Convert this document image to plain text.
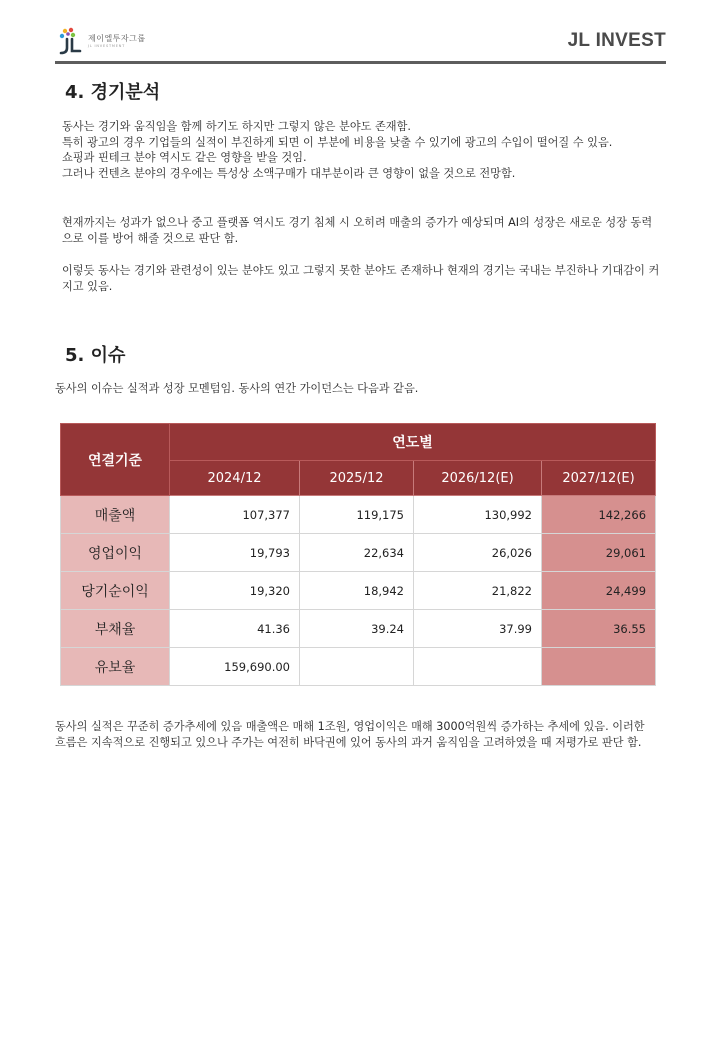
제이엘투자그룹
JL INVESTMENT	JL INVEST
4. 경기분석
동사는 경기와 움직임을 함께 하기도 하지만 그렇지 않은 분야도 존재함.
특히 광고의 경우 기업들의 실적이 부진하게 되면 이 부분에 비용을 낮출 수 있기에 광고의 수입이 떨어질 수 있음.
쇼핑과 핀테크 분야 역시도 같은 영향을 받을 것임.
그러나 컨텐츠 분야의 경우에는 특성상 소액구매가 대부분이라 큰 영향이 없을 것으로 전망함.
현재까지는 성과가 없으나 중고 플랫폼 역시도 경기 침체 시 오히려 매출의 증가가 예상되며 AI의 성장은 새로운 성장 동력으로 이를 방어 해줄 것으로 판단 함.
이렇듯 동사는 경기와 관련성이 있는 분야도 있고 그렇지 못한 분야도 존재하나 현재의 경기는 국내는 부진하나 기대감이 커지고 있음.
5. 이슈
동사의 이슈는 실적과 성장 모멘텀임. 동사의 연간 가이던스는 다음과 같음.
연결기준	연도별			
	2024/12	2025/12	2026/12(E)	2027/12(E)
매출액	107,377	119,175	130,992	142,266
영업이익	19,793	22,634	26,026	29,061
당기순이익	19,320	18,942	21,822	24,499
부채율	41.36	39.24	37.99	36.55
유보율	159,690.00			
동사의 실적은 꾸준히 증가추세에 있음 매출액은 매해 1조원, 영업이익은 매해 3000억원씩 증가하는 추세에 있음. 이러한 흐름은 지속적으로 진행되고 있으나 주가는 여전히 바닥권에 있어 동사의 과거 움직임을 고려하였을 때 저평가로 판단 함.
